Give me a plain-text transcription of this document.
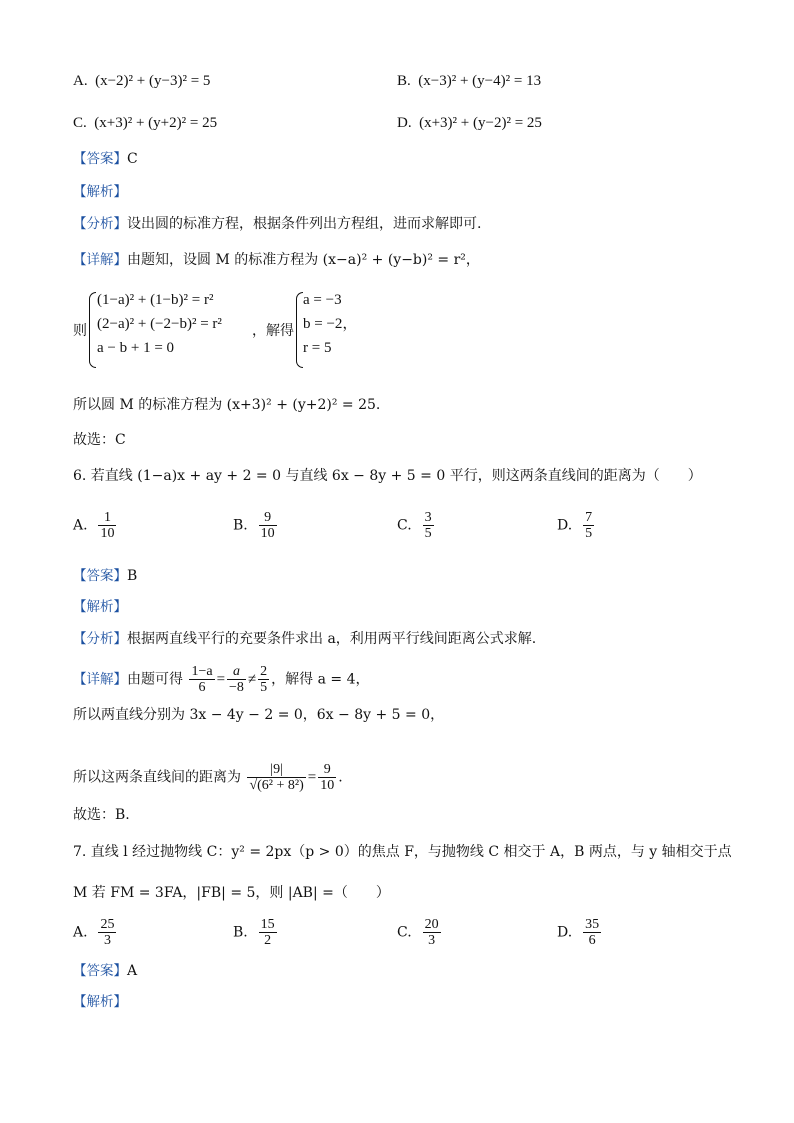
A. (x−2)² + (y−3)² = 5	B. (x−3)² + (y−4)² = 13
C. (x+3)² + (y+2)² = 25	D. (x+3)² + (y−2)² = 25
【答案】C
【解析】
【分析】设出圆的标准方程，根据条件列出方程组，进而求解即可.
【详解】由题知，设圆 M 的标准方程为 (x−a)² + (y−b)² = r²，
则
(1−a)² + (1−b)² = r²
(2−a)² + (−2−b)² = r²
a − b + 1 = 0
，解得
a = −3
b = −2，
r = 5
所以圆 M 的标准方程为 (x+3)² + (y+2)² = 25.
故选：C
6. 若直线 (1−a)x + ay + 2 = 0 与直线 6x − 8y + 5 = 0 平行，则这两条直线间的距离为（　　）
A. $\frac{1}{10}$	B. $\frac{9}{10}$	C. $\frac{3}{5}$	D. $\frac{7}{5}$
【答案】B
【解析】
【分析】根据两直线平行的充要条件求出 a，利用两平行线间距离公式求解.
【详解】由题可得 $\frac{1-a}{6} = \frac{a}{-8} \ne \frac{2}{5}$ ，解得 a = 4，
所以两直线分别为 3x − 4y − 2 = 0，6x − 8y + 5 = 0，
所以这两条直线间的距离为 $\frac{|9|}{\text{√(6² + 8²)}} = \frac{9}{10}$ .
故选：B.
7. 直线 l 经过抛物线 C：y² = 2px（p > 0）的焦点 F，与抛物线 C 相交于 A，B 两点，与 y 轴相交于点
M 若 FM = 3FA，|FB| = 5，则 |AB| =（　　）
A. $\frac{25}{3}$	B. $\frac{15}{2}$	C. $\frac{20}{3}$	D. $\frac{35}{6}$
【答案】A
【解析】
